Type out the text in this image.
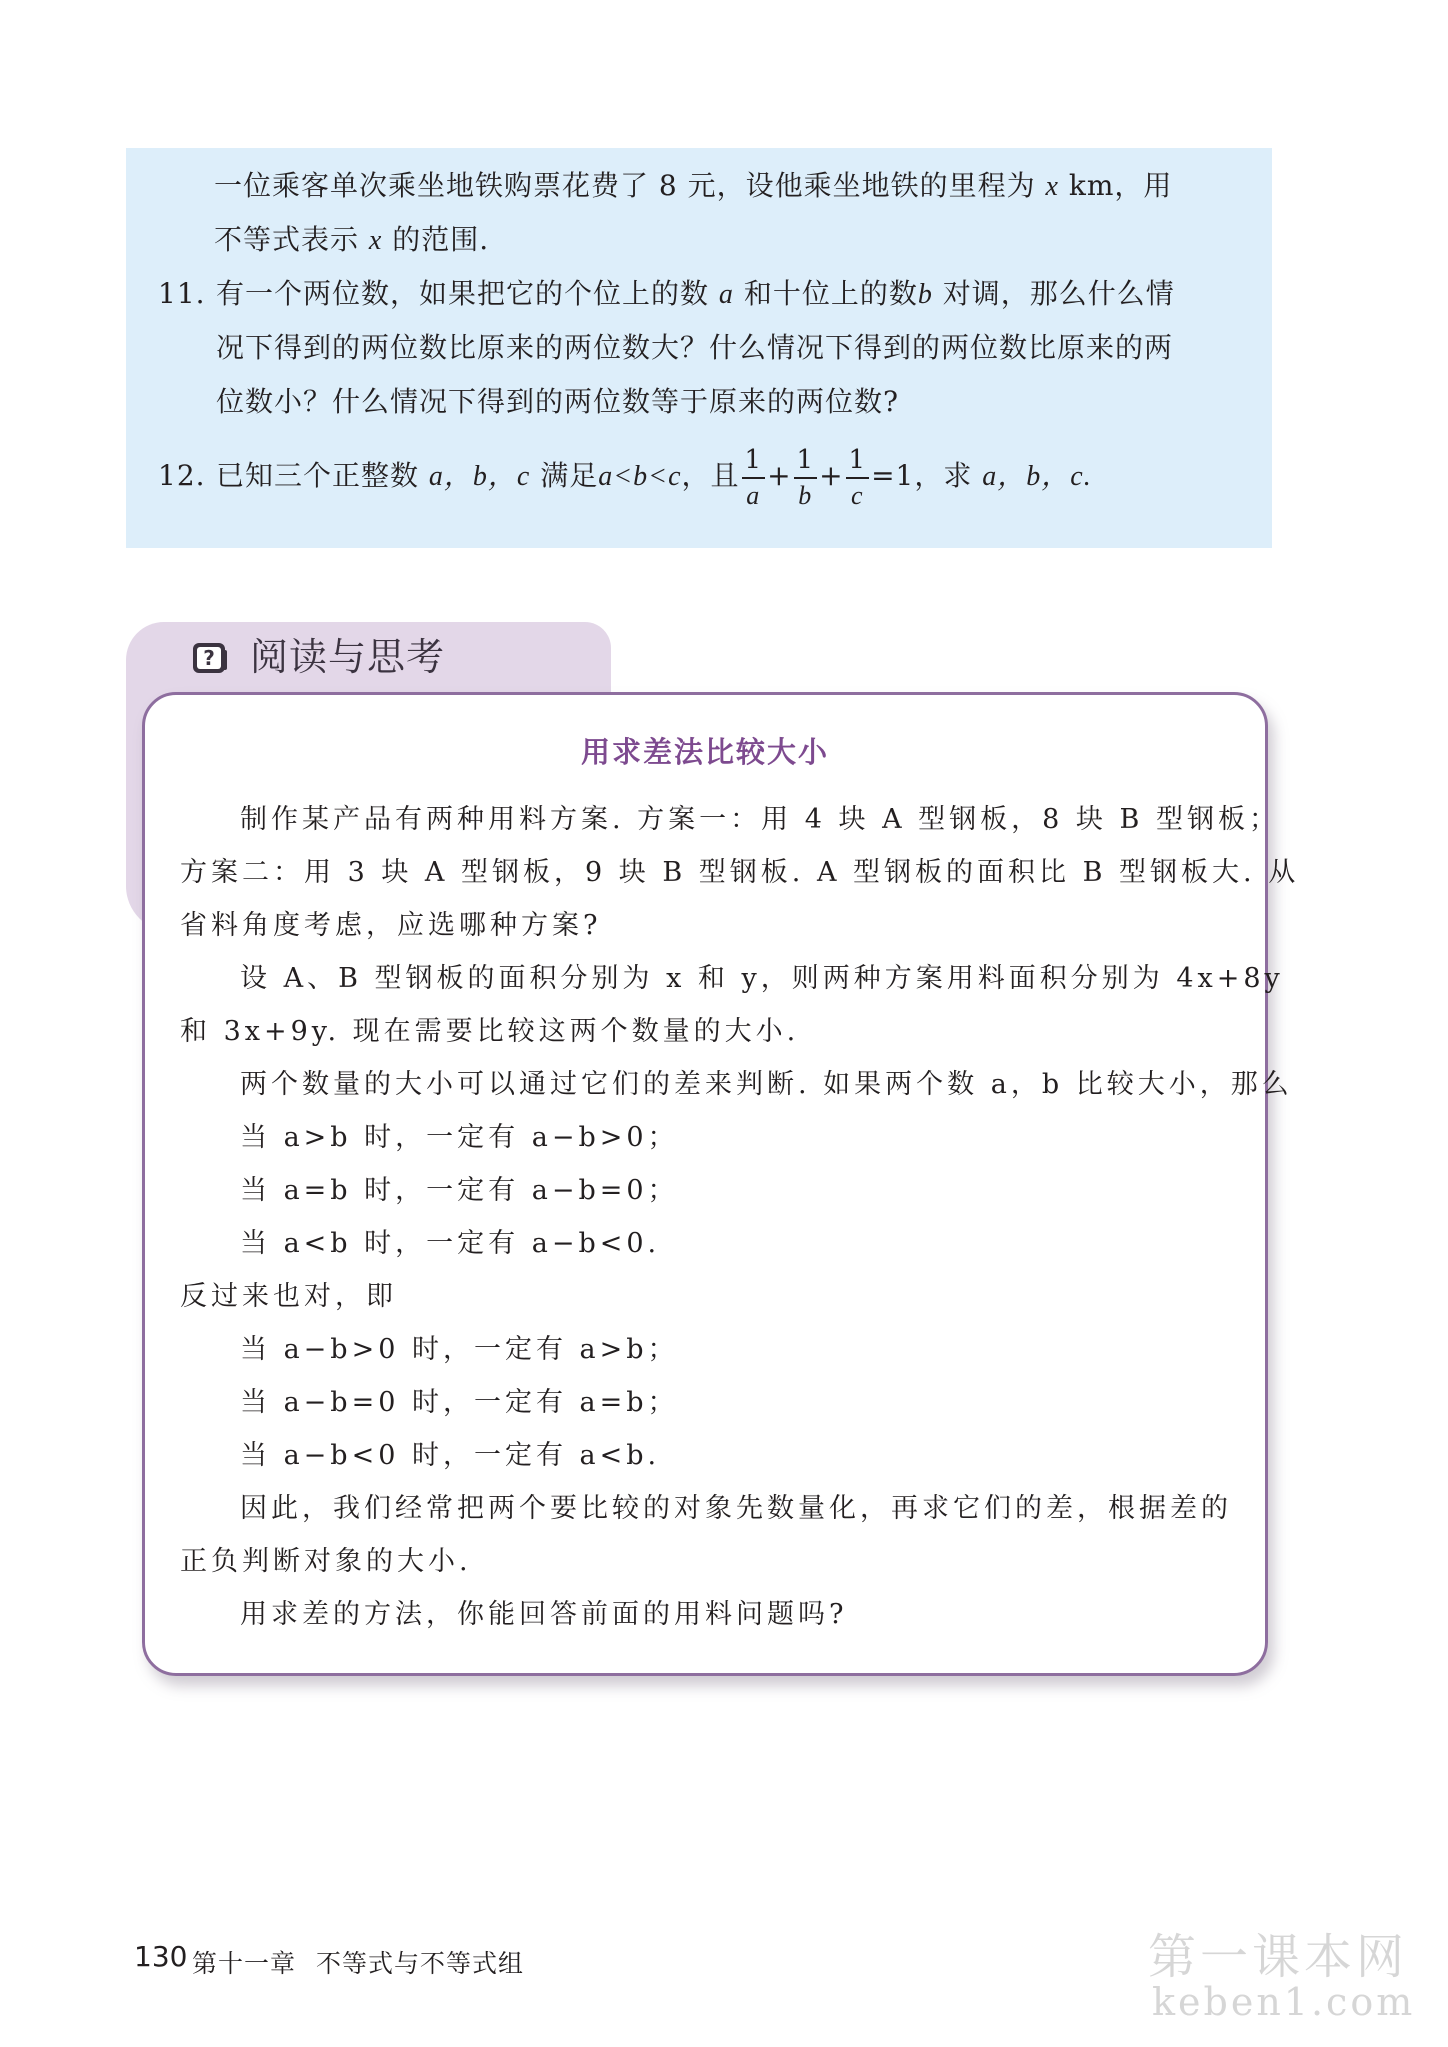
一位乘客单次乘坐地铁购票花费了 8 元，设他乘坐地铁的里程为 x km，用
不等式表示 x 的范围.
11. 有一个两位数，如果把它的个位上的数 a 和十位上的数b 对调，那么什么情
况下得到的两位数比原来的两位数大？什么情况下得到的两位数比原来的两
位数小？什么情况下得到的两位数等于原来的两位数?
12. 已知三个正整数 a，b，c 满足a<b<c，且 $\frac{1}{a} + \frac{1}{b} + \frac{1}{c} =1$，求 a，b，c.
? 阅读与思考
用求差法比较大小
制作某产品有两种用料方案. 方案一：用 4 块 A 型钢板，8 块 B 型钢板；
方案二：用 3 块 A 型钢板，9 块 B 型钢板. A 型钢板的面积比 B 型钢板大. 从
省料角度考虑，应选哪种方案?
设 A、B 型钢板的面积分别为 x 和 y，则两种方案用料面积分别为 4x+8y
和 3x+9y. 现在需要比较这两个数量的大小.
两个数量的大小可以通过它们的差来判断. 如果两个数 a，b 比较大小，那么
当 a>b 时，一定有 a−b>0；
当 a=b 时，一定有 a−b=0；
当 a<b 时，一定有 a−b<0.
反过来也对，即
当 a−b>0 时，一定有 a>b；
当 a−b=0 时，一定有 a=b；
当 a−b<0 时，一定有 a<b.
因此，我们经常把两个要比较的对象先数量化，再求它们的差，根据差的
正负判断对象的大小.
用求差的方法，你能回答前面的用料问题吗?
130 第十一章 不等式与不等式组	第一课本网
keben1.com
